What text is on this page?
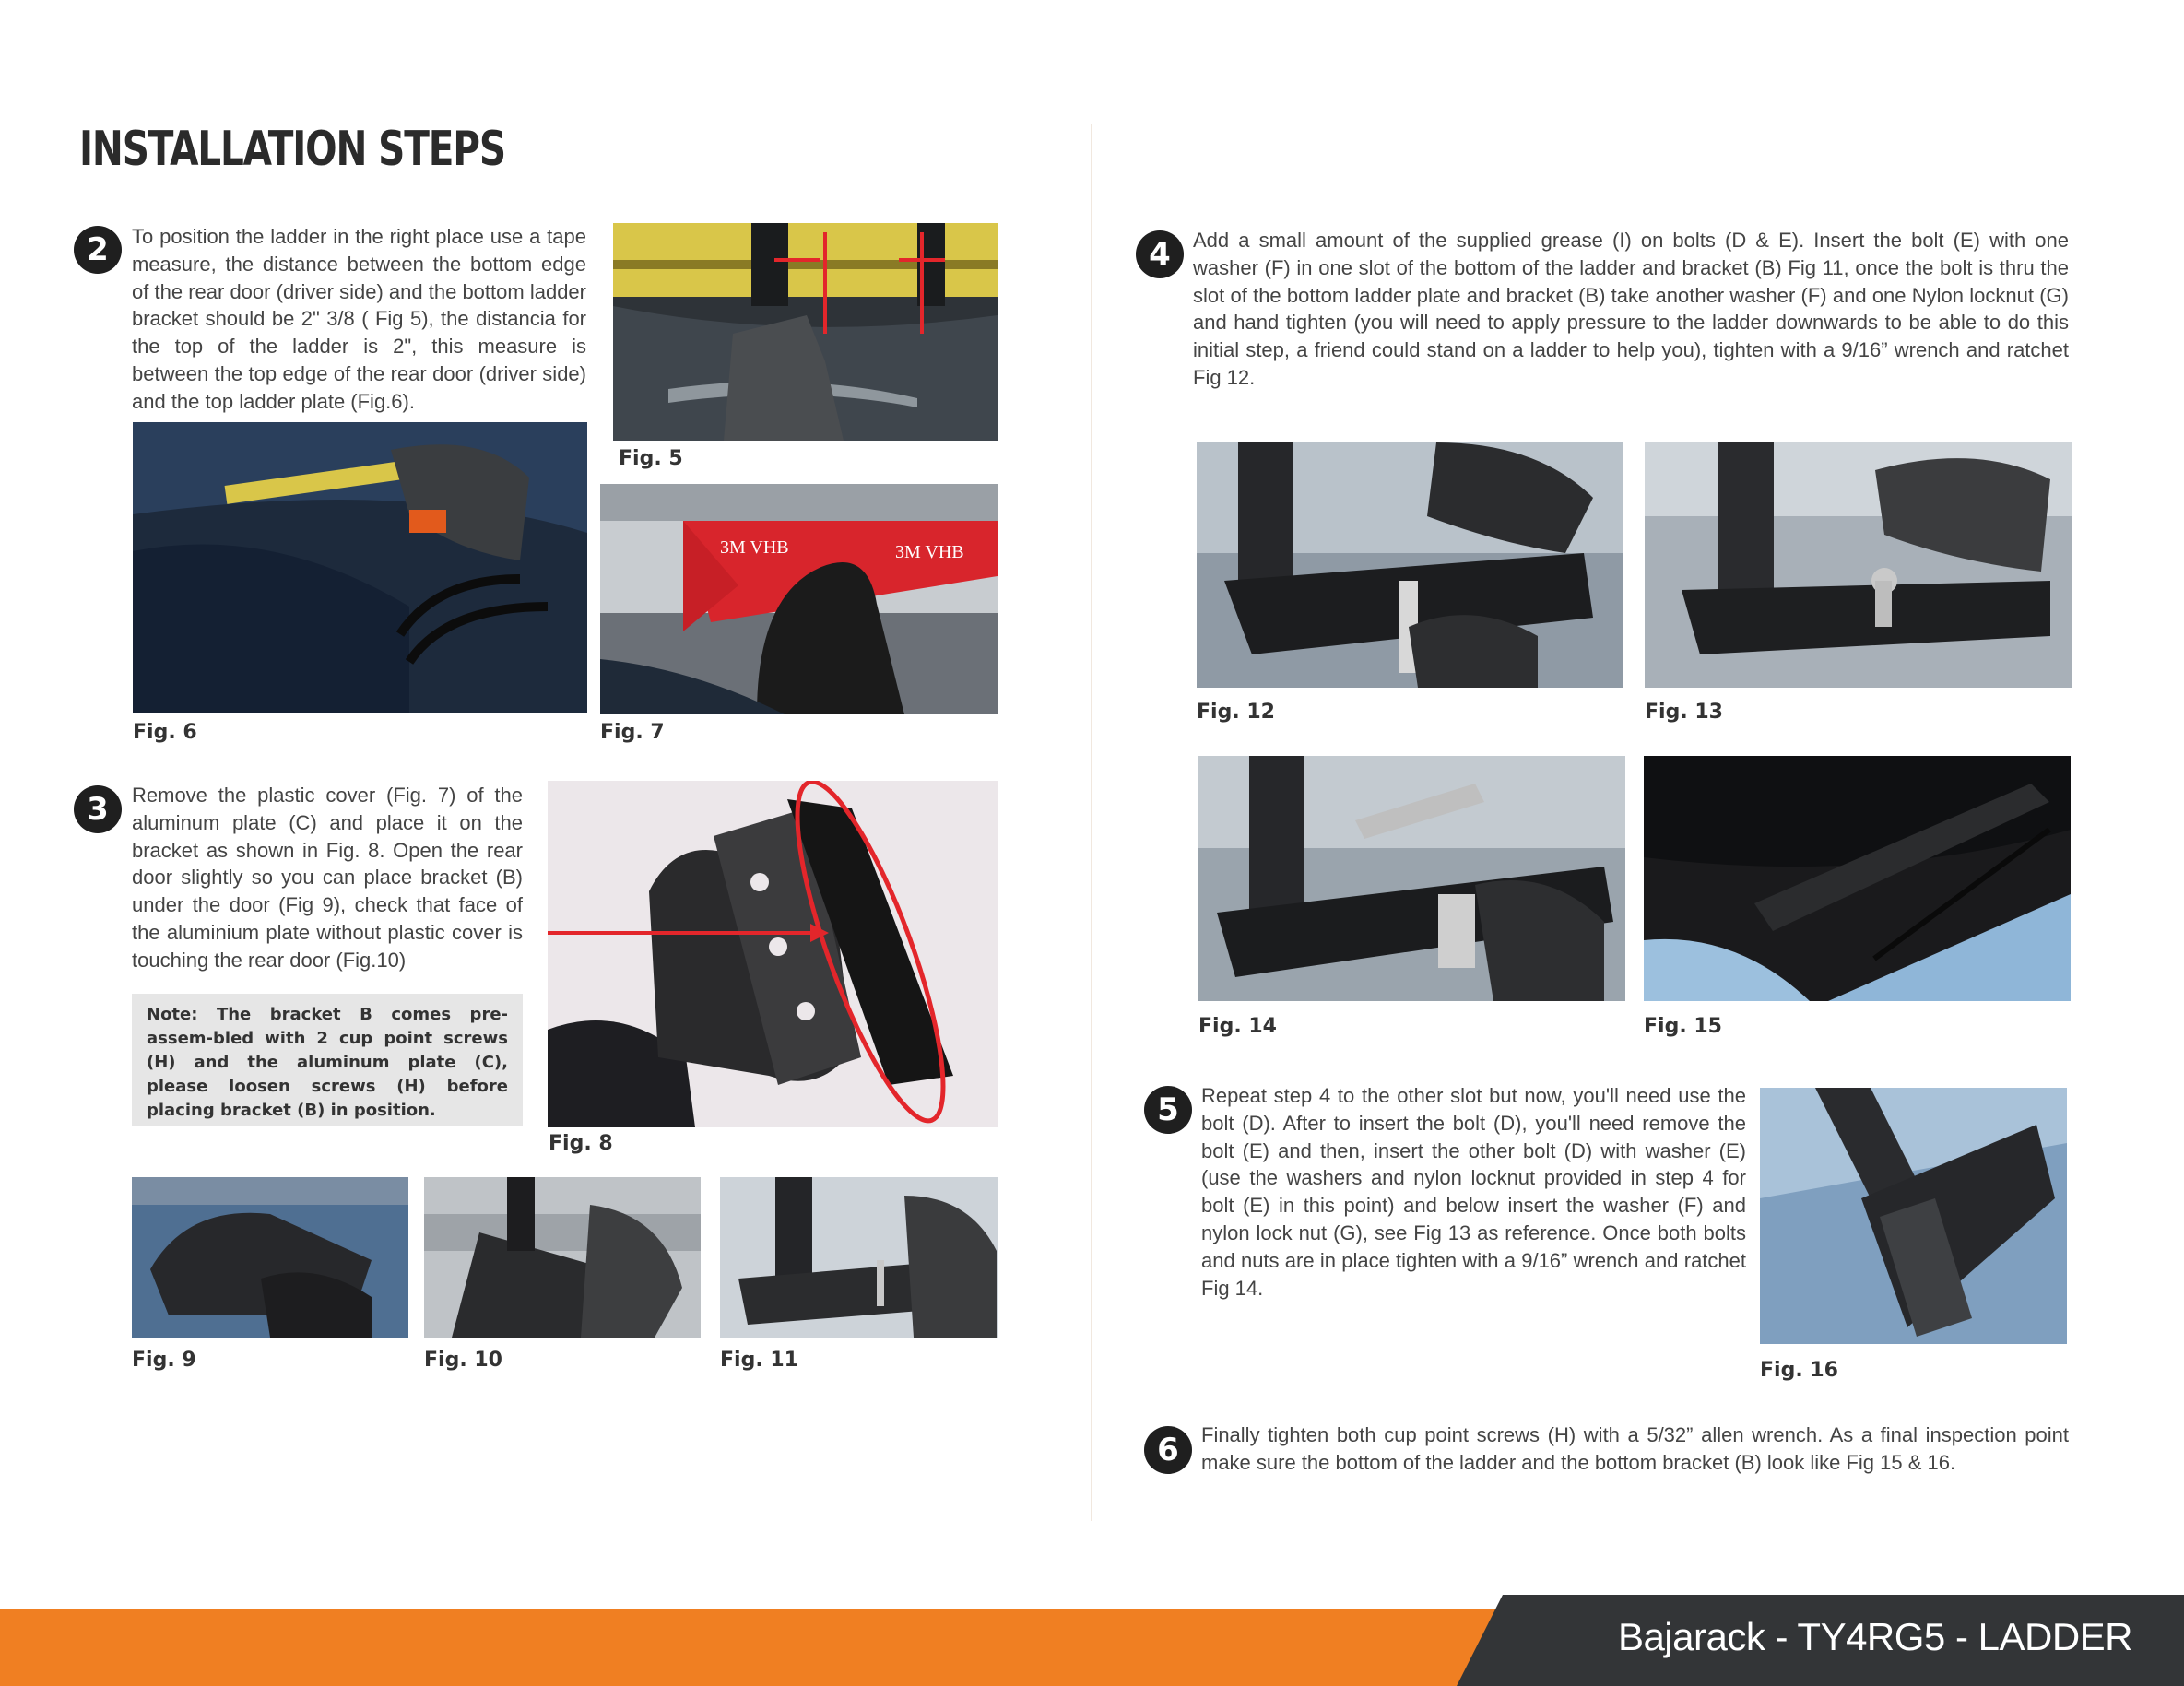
INSTALLATION STEPS
2	To position the ladder in the right place use a tape measure, the distance between the bottom edge of the rear door (driver side) and the bottom ladder bracket should be 2" 3/8 ( Fig 5), the distancia for the top of the ladder is 2", this measure is between the top edge of the rear door (driver side) and the top ladder plate (Fig.6).

Fig. 5
Fig. 6
3M VHB	3M VHB
Fig. 7
3	Remove the plastic cover (Fig. 7) of the aluminum plate (C) and place it on the bracket as shown in Fig. 8. Open the rear door slightly so you can place bracket (B) under the door (Fig 9), check that face of the aluminium plate without plastic cover is touching the rear door (Fig.10)

Note: The bracket B comes pre-assem-bled with 2 cup point screws (H) and the aluminum plate (C), please loosen screws (H) before placing bracket (B) in position.

Fig. 8
Fig. 9	Fig. 10	Fig. 11
4	Add a small amount of the supplied grease (I) on bolts (D & E). Insert the bolt (E) with one washer (F) in one slot of the bottom of the ladder and bracket (B) Fig 11, once the bolt is thru the slot of the bottom ladder plate and bracket (B) take another washer (F) and one Nylon locknut (G) and hand tighten (you will need to apply pressure to the ladder downwards to be able to do this initial step, a friend could stand on a ladder to help you), tighten with a 9/16” wrench and ratchet Fig 12.

Fig. 12	Fig. 13
Fig. 14	Fig. 15
5	Repeat step 4 to the other slot but now, you'll need use the bolt (D). After to insert the bolt (D), you'll need remove the bolt (E) and then, insert the other bolt (D) with washer (E) (use the washers and nylon locknut provided in step 4 for bolt (E) in this point) and below insert the washer (F) and nylon lock nut (G), see Fig 13 as reference. Once both bolts and nuts are in place tighten with a 9/16” wrench and ratchet Fig 14.

Fig. 16
6	Finally tighten both cup point screws (H) with a 5/32” allen wrench. As a final inspection point make sure the bottom of the ladder and the bottom bracket (B) look like Fig 15 & 16.

Bajarack - TY4RG5 - LADDER
